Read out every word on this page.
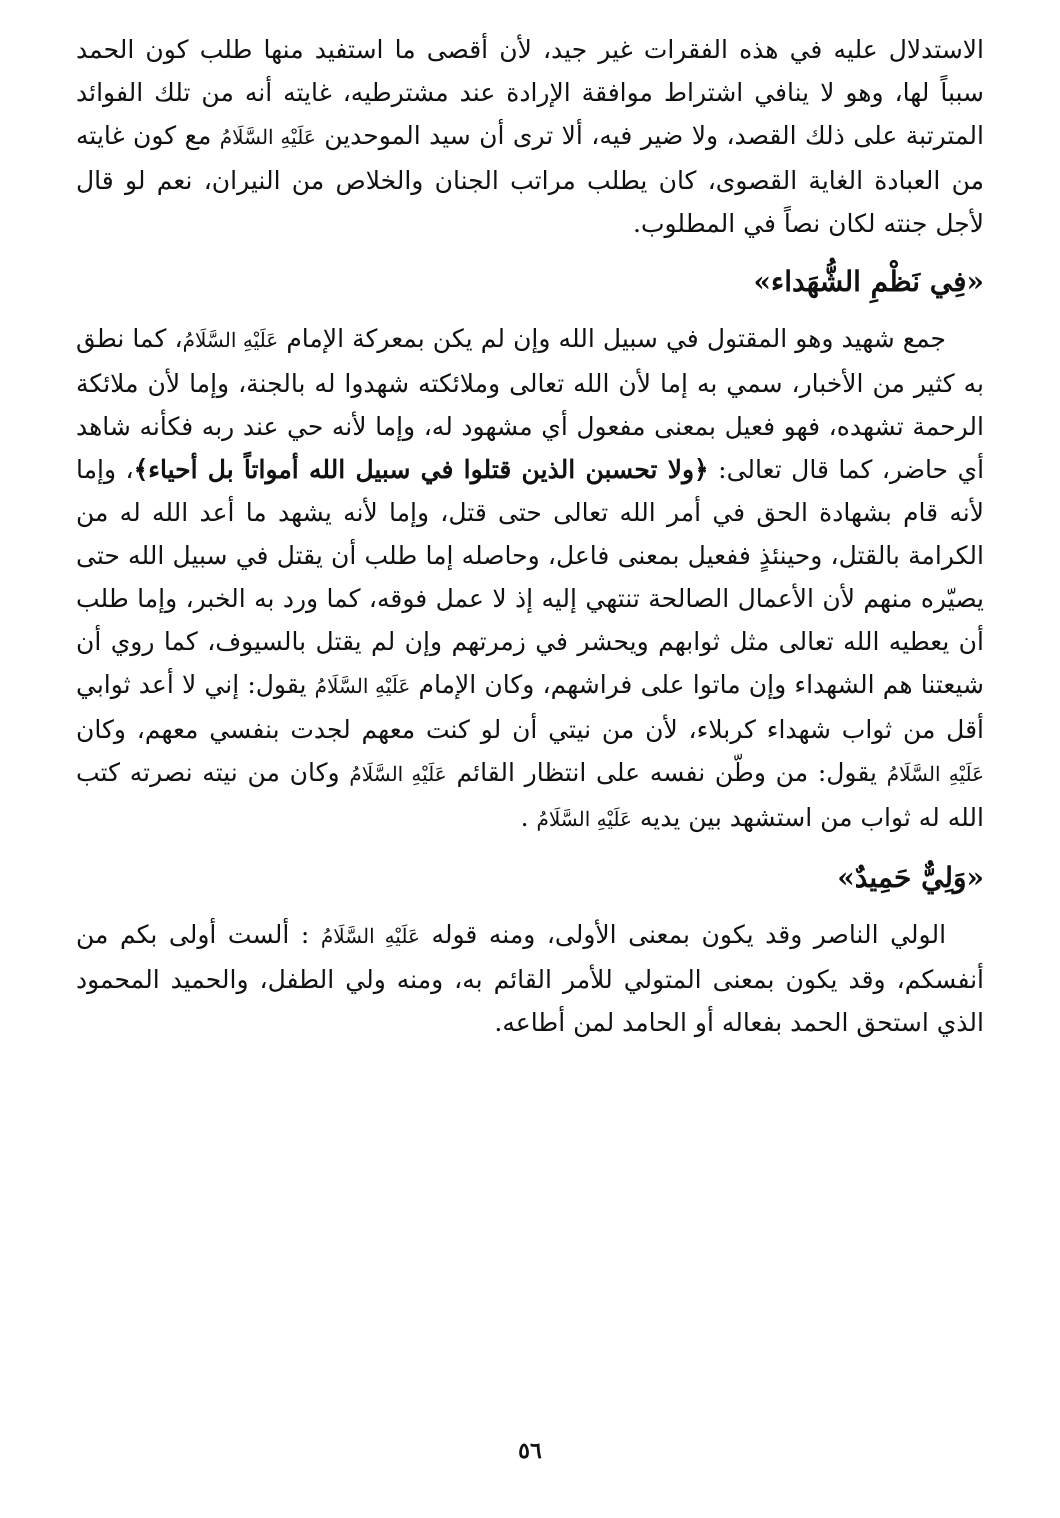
الاستدلال عليه في هذه الفقرات غير جيد، لأن أقصى ما استفيد منها طلب كون الحمد سبباً لها، وهو لا ينافي اشتراط موافقة الإرادة عند مشترطيه، غايته أنه من تلك الفوائد المترتبة على ذلك القصد، ولا ضير فيه، ألا ترى أن سيد الموحدين عَلَيْهِ السَّلَامُ مع كون غايته من العبادة الغاية القصوى، كان يطلب مراتب الجنان والخلاص من النيران، نعم لو قال لأجل جنته لكان نصاً في المطلوب.

«فِي نَظْمِ الشُّهَداء»

جمع شهيد وهو المقتول في سبيل الله وإن لم يكن بمعركة الإمام عَلَيْهِ السَّلَامُ، كما نطق به كثير من الأخبار، سمي به إما لأن الله تعالى وملائكته شهدوا له بالجنة، وإما لأن ملائكة الرحمة تشهده، فهو فعيل بمعنى مفعول أي مشهود له، وإما لأنه حي عند ربه فكأنه شاهد أي حاضر، كما قال تعالى: ﴿ولا تحسبن الذين قتلوا في سبيل الله أمواتاً بل أحياء﴾، وإما لأنه قام بشهادة الحق في أمر الله تعالى حتى قتل، وإما لأنه يشهد ما أعد الله له من الكرامة بالقتل، وحينئذٍ ففعيل بمعنى فاعل، وحاصله إما طلب أن يقتل في سبيل الله حتى يصيّره منهم لأن الأعمال الصالحة تنتهي إليه إذ لا عمل فوقه، كما ورد به الخبر، وإما طلب أن يعطيه الله تعالى مثل ثوابهم ويحشر في زمرتهم وإن لم يقتل بالسيوف، كما روي أن شيعتنا هم الشهداء وإن ماتوا على فراشهم، وكان الإمام عَلَيْهِ السَّلَامُ يقول: إني لا أعد ثوابي أقل من ثواب شهداء كربلاء، لأن من نيتي أن لو كنت معهم لجدت بنفسي معهم، وكان عَلَيْهِ السَّلَامُ يقول: من وطّن نفسه على انتظار القائم عَلَيْهِ السَّلَامُ وكان من نيته نصرته كتب الله له ثواب من استشهد بين يديه عَلَيْهِ السَّلَامُ .

«وَلِيٌّ حَمِيدٌ»

الولي الناصر وقد يكون بمعنى الأولى، ومنه قوله عَلَيْهِ السَّلَامُ : ألست أولى بكم من أنفسكم، وقد يكون بمعنى المتولي للأمر القائم به، ومنه ولي الطفل، والحميد المحمود الذي استحق الحمد بفعاله أو الحامد لمن أطاعه.

٥٦
